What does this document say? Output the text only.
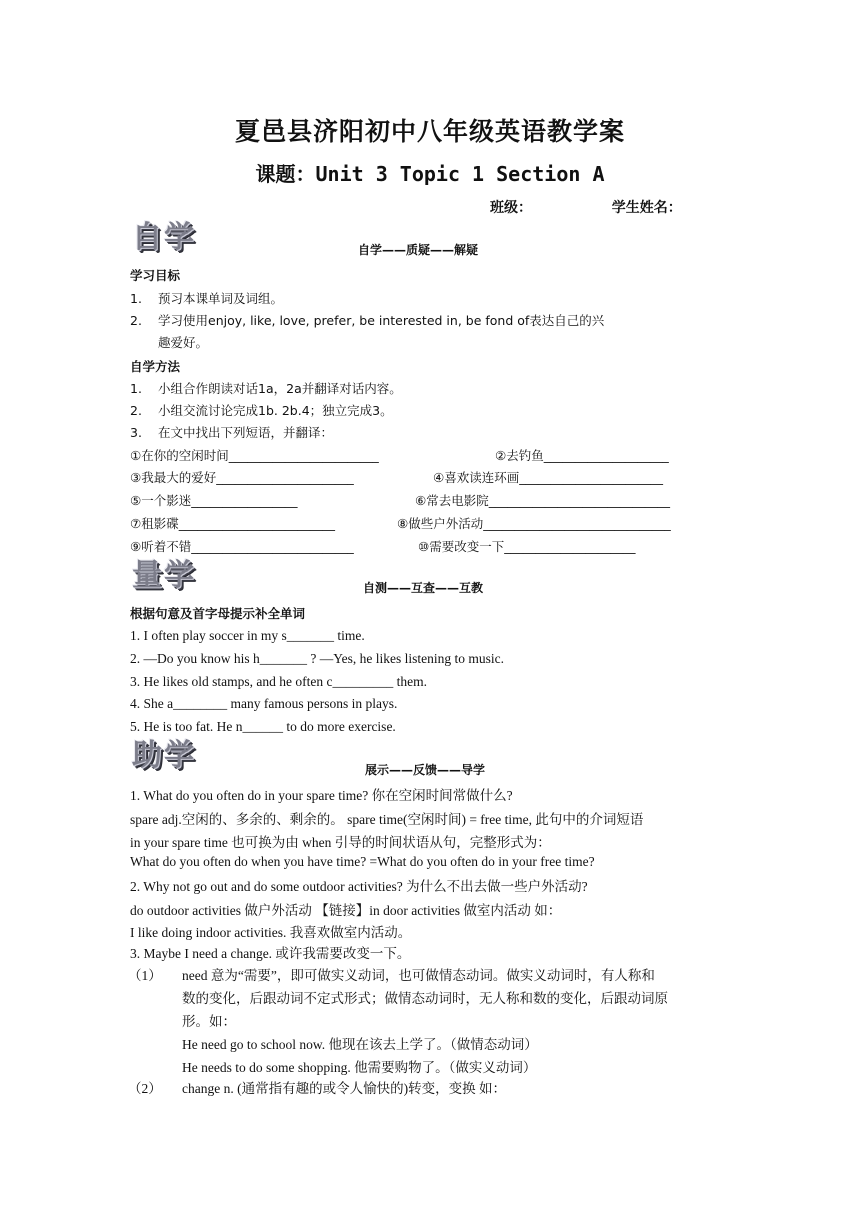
夏邑县济阳初中八年级英语教学案
课题：Unit 3 Topic 1 Section A
班级：	学生姓名：
自学	自学——质疑——解疑
学习目标
1. 预习本课单词及词组。
2. 学习使用enjoy, like, love, prefer, be interested in, be fond of表达自己的兴
趣爱好。
自学方法
1. 小组合作朗读对话1a，2a并翻译对话内容。
2. 小组交流讨论完成1b. 2b.4；独立完成3。
3. 在文中找出下列短语，并翻译：
①在你的空闲时间________________________	②去钓鱼____________________
③我最大的爱好______________________	④喜欢读连环画_______________________
⑤一个影迷_________________	⑥常去电影院_____________________________
⑦租影碟_________________________	⑧做些户外活动______________________________
⑨听着不错__________________________	⑩需要改变一下_____________________
量学	自测——互查——互教
根据句意及首字母提示补全单词
1. I often play soccer in my s_______ time.
2. —Do you know his h_______ ? —Yes, he likes listening to music.
3. He likes old stamps, and he often c_________ them.
4. She a________ many famous persons in plays.
5. He is too fat. He n______ to do more exercise.
助学	展示——反馈——导学
1. What do you often do in your spare time? 你在空闲时间常做什么?
spare adj.空闲的、多余的、剩余的。 spare time(空闲时间) = free time, 此句中的介词短语
in your spare time 也可换为由 when 引导的时间状语从句，完整形式为：
What do you often do when you have time? =What do you often do in your free time?
2. Why not go out and do some outdoor activities? 为什么不出去做一些户外活动?
do outdoor activities 做户外活动 【链接】in door activities 做室内活动 如：
I like doing indoor activities. 我喜欢做室内活动。
3. Maybe I need a change. 或许我需要改变一下。
（1） need 意为“需要”，即可做实义动词，也可做情态动词。做实义动词时，有人称和
数的变化，后跟动词不定式形式；做情态动词时，无人称和数的变化，后跟动词原
形。如：
He need go to school now. 他现在该去上学了。（做情态动词）
He needs to do some shopping. 他需要购物了。（做实义动词）
（2） change n. (通常指有趣的或令人愉快的)转变，变换 如：
